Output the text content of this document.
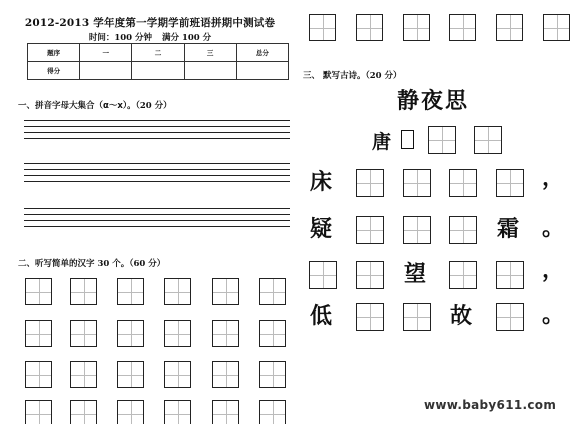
2012-2013 学年度第一学期学前班语拼期中测试卷
时间：100 分钟 满分 100 分
题序	一	二	三	总分
得分				
一、拼音字母大集合（α～x）。（20 分）
二、听写简单的汉字 30 个。（60 分）
三、 默写古诗。（20 分）
静夜思
唐
床	，
疑	霜 。
望	，
低	故	。
www.baby611.com
